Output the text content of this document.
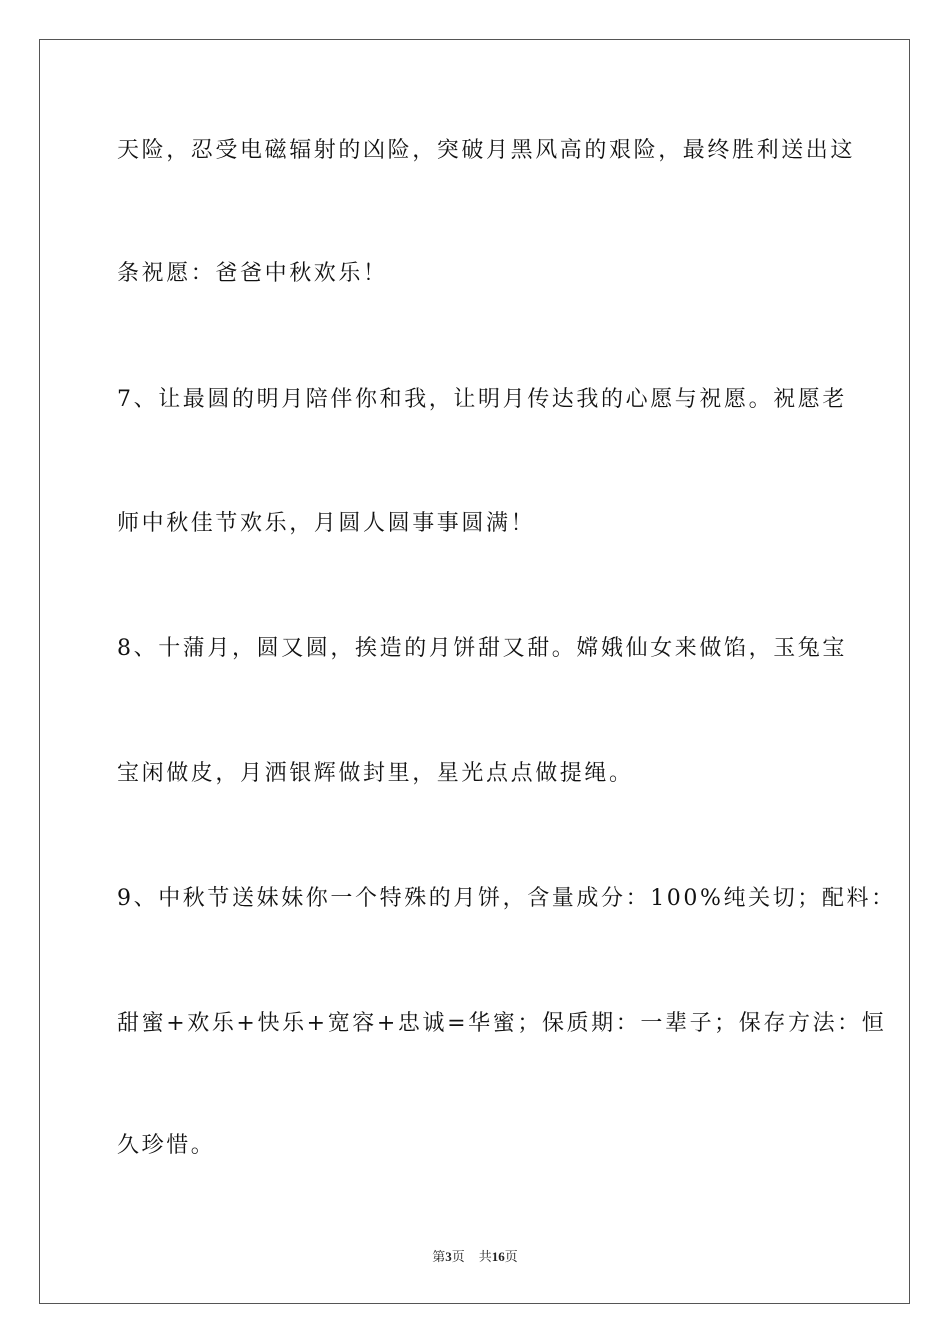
天险，忍受电磁辐射的凶险，突破月黑风高的艰险，最终胜利送出这

条祝愿：爸爸中秋欢乐！

7、让最圆的明月陪伴你和我，让明月传达我的心愿与祝愿。祝愿老

师中秋佳节欢乐，月圆人圆事事圆满！

8、十蒲月，圆又圆，挨造的月饼甜又甜。嫦娥仙女来做馅，玉兔宝

宝闲做皮，月洒银辉做封里，星光点点做提绳。

9、中秋节送妹妹你一个特殊的月饼，含量成分：100%纯关切；配料：

甜蜜+欢乐+快乐+宽容+忠诚=华蜜；保质期：一辈子；保存方法：恒

久珍惜。

第3页 共16页
